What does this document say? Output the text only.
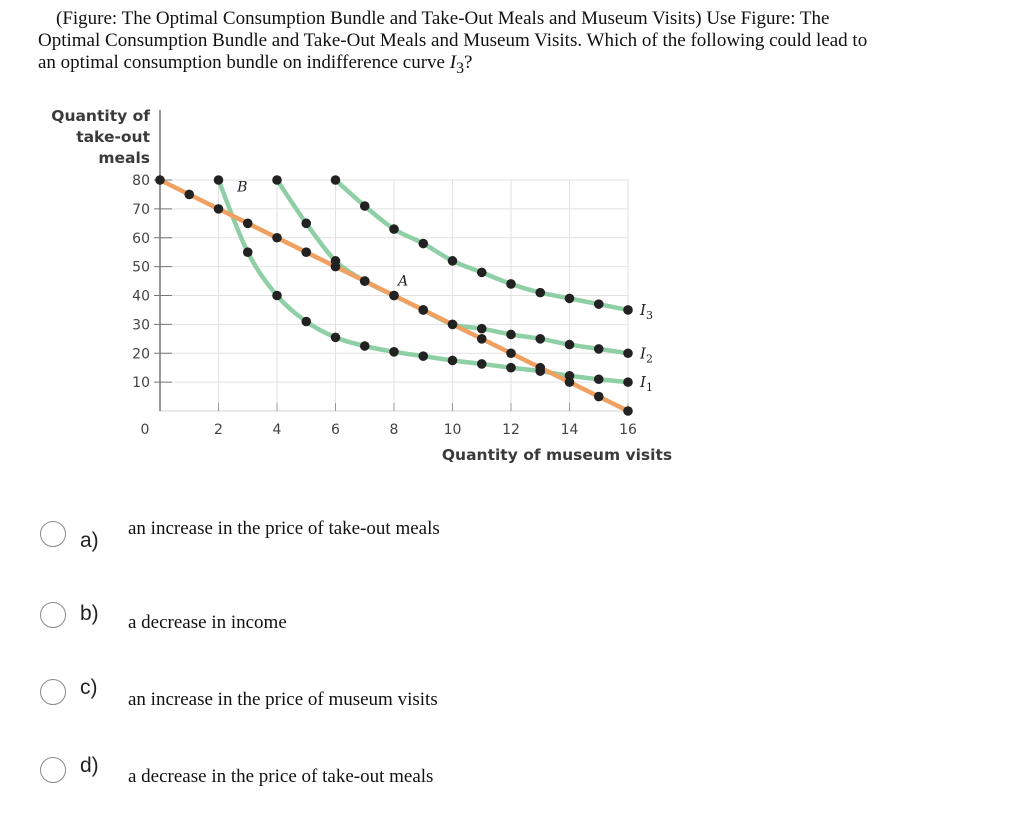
(Figure: The Optimal Consumption Bundle and Take-Out Meals and Museum Visits) Use Figure: The
Optimal Consumption Bundle and Take-Out Meals and Museum Visits. Which of the following could lead to
an optimal consumption bundle on indifference curve $I_3$?
80
70
60
50
40
30
20
10
0	2	4	6	8	10	12	14	16
Quantity of
take-out
meals
Quantity of museum visits
B
A
$I_1$
$I_2$
$I_3$
a)
an increase in the price of take-out meals
b) a decrease in income
c)
an increase in the price of museum visits
d) a decrease in the price of take-out meals
